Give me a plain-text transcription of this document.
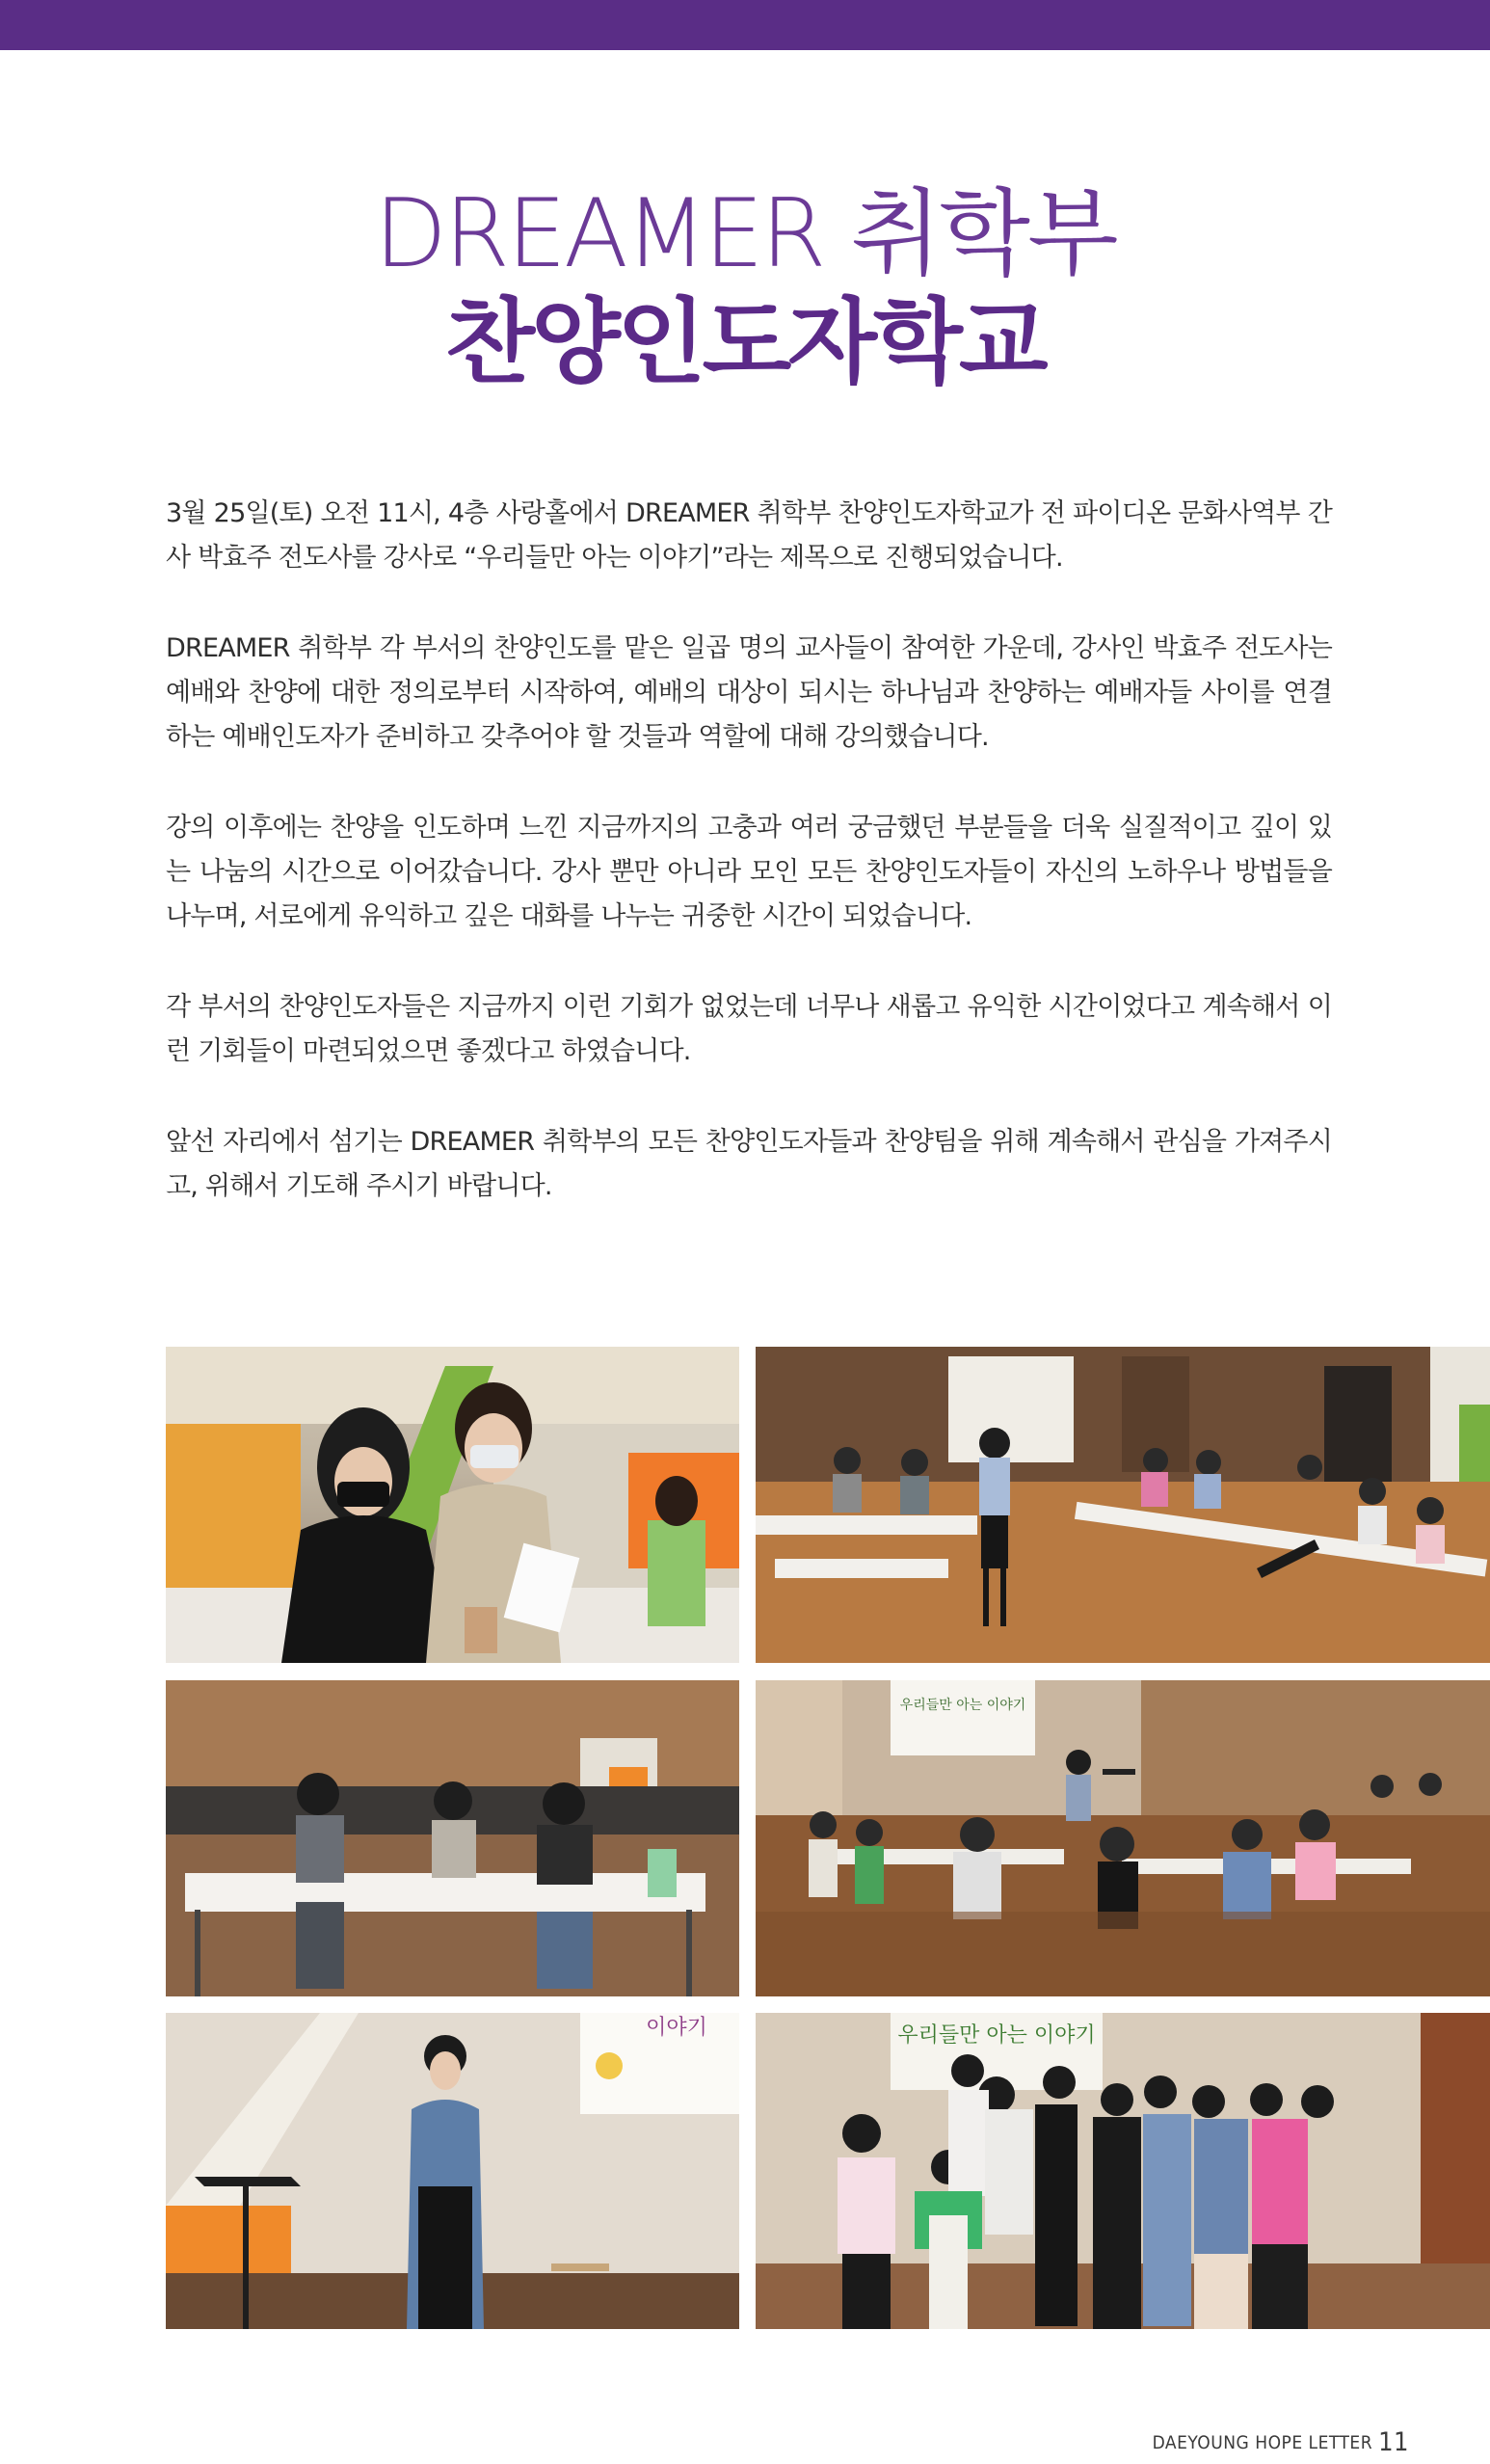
DREAMER 취학부
찬양인도자학교

3월 25일(토) 오전 11시, 4층 사랑홀에서 DREAMER 취학부 찬양인도자학교가 전 파이디온 문화사역부 간사 박효주 전도사를 강사로 “우리들만 아는 이야기”라는 제목으로 진행되었습니다.

DREAMER 취학부 각 부서의 찬양인도를 맡은 일곱 명의 교사들이 참여한 가운데, 강사인 박효주 전도사는 예배와 찬양에 대한 정의로부터 시작하여, 예배의 대상이 되시는 하나님과 찬양하는 예배자들 사이를 연결하는 예배인도자가 준비하고 갖추어야 할 것들과 역할에 대해 강의했습니다.

강의 이후에는 찬양을 인도하며 느낀 지금까지의 고충과 여러 궁금했던 부분들을 더욱 실질적이고 깊이 있는 나눔의 시간으로 이어갔습니다. 강사 뿐만 아니라 모인 모든 찬양인도자들이 자신의 노하우나 방법들을 나누며, 서로에게 유익하고 깊은 대화를 나누는 귀중한 시간이 되었습니다.

각 부서의 찬양인도자들은 지금까지 이런 기회가 없었는데 너무나 새롭고 유익한 시간이었다고 계속해서 이런 기회들이 마련되었으면 좋겠다고 하였습니다.

앞선 자리에서 섬기는 DREAMER 취학부의 모든 찬양인도자들과 찬양팀을 위해 계속해서 관심을 가져주시고, 위해서 기도해 주시기 바랍니다.

우리들만 아는 이야기
이야기	우리들만 아는 이야기
DAEYOUNG HOPE LETTER 11
